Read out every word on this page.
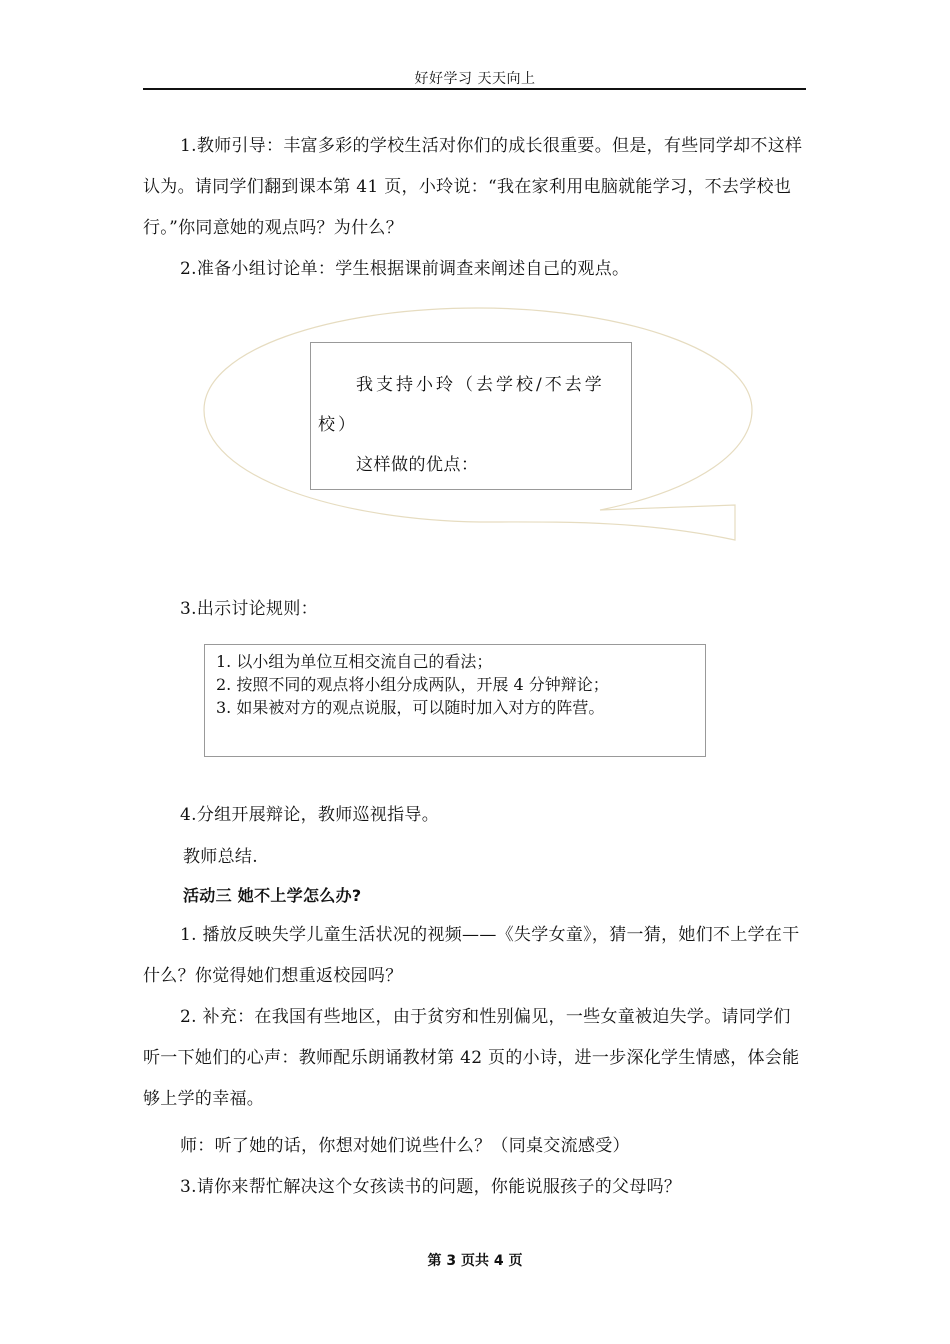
好好学习 天天向上

1.教师引导：丰富多彩的学校生活对你们的成长很重要。但是，有些同学却不这样认为。请同学们翻到课本第 41 页，小玲说：“我在家利用电脑就能学习，不去学校也行。”你同意她的观点吗？为什么？

2.准备小组讨论单：学生根据课前调查来阐述自己的观点。

我支持小玲（去学校/不去学
校）
这样做的优点：
3.出示讨论规则：
1. 以小组为单位互相交流自己的看法；
2. 按照不同的观点将小组分成两队，开展 4 分钟辩论；
3. 如果被对方的观点说服，可以随时加入对方的阵营。
4.分组开展辩论，教师巡视指导。
教师总结.
活动三 她不上学怎么办?

1. 播放反映失学儿童生活状况的视频——《失学女童》，猜一猜，她们不上学在干什么？你觉得她们想重返校园吗？

2. 补充：在我国有些地区，由于贫穷和性别偏见，一些女童被迫失学。请同学们听一下她们的心声：教师配乐朗诵教材第 42 页的小诗，进一步深化学生情感，体会能够上学的幸福。

师：听了她的话，你想对她们说些什么？（同桌交流感受）
3.请你来帮忙解决这个女孩读书的问题，你能说服孩子的父母吗？
第 3 页共 4 页
